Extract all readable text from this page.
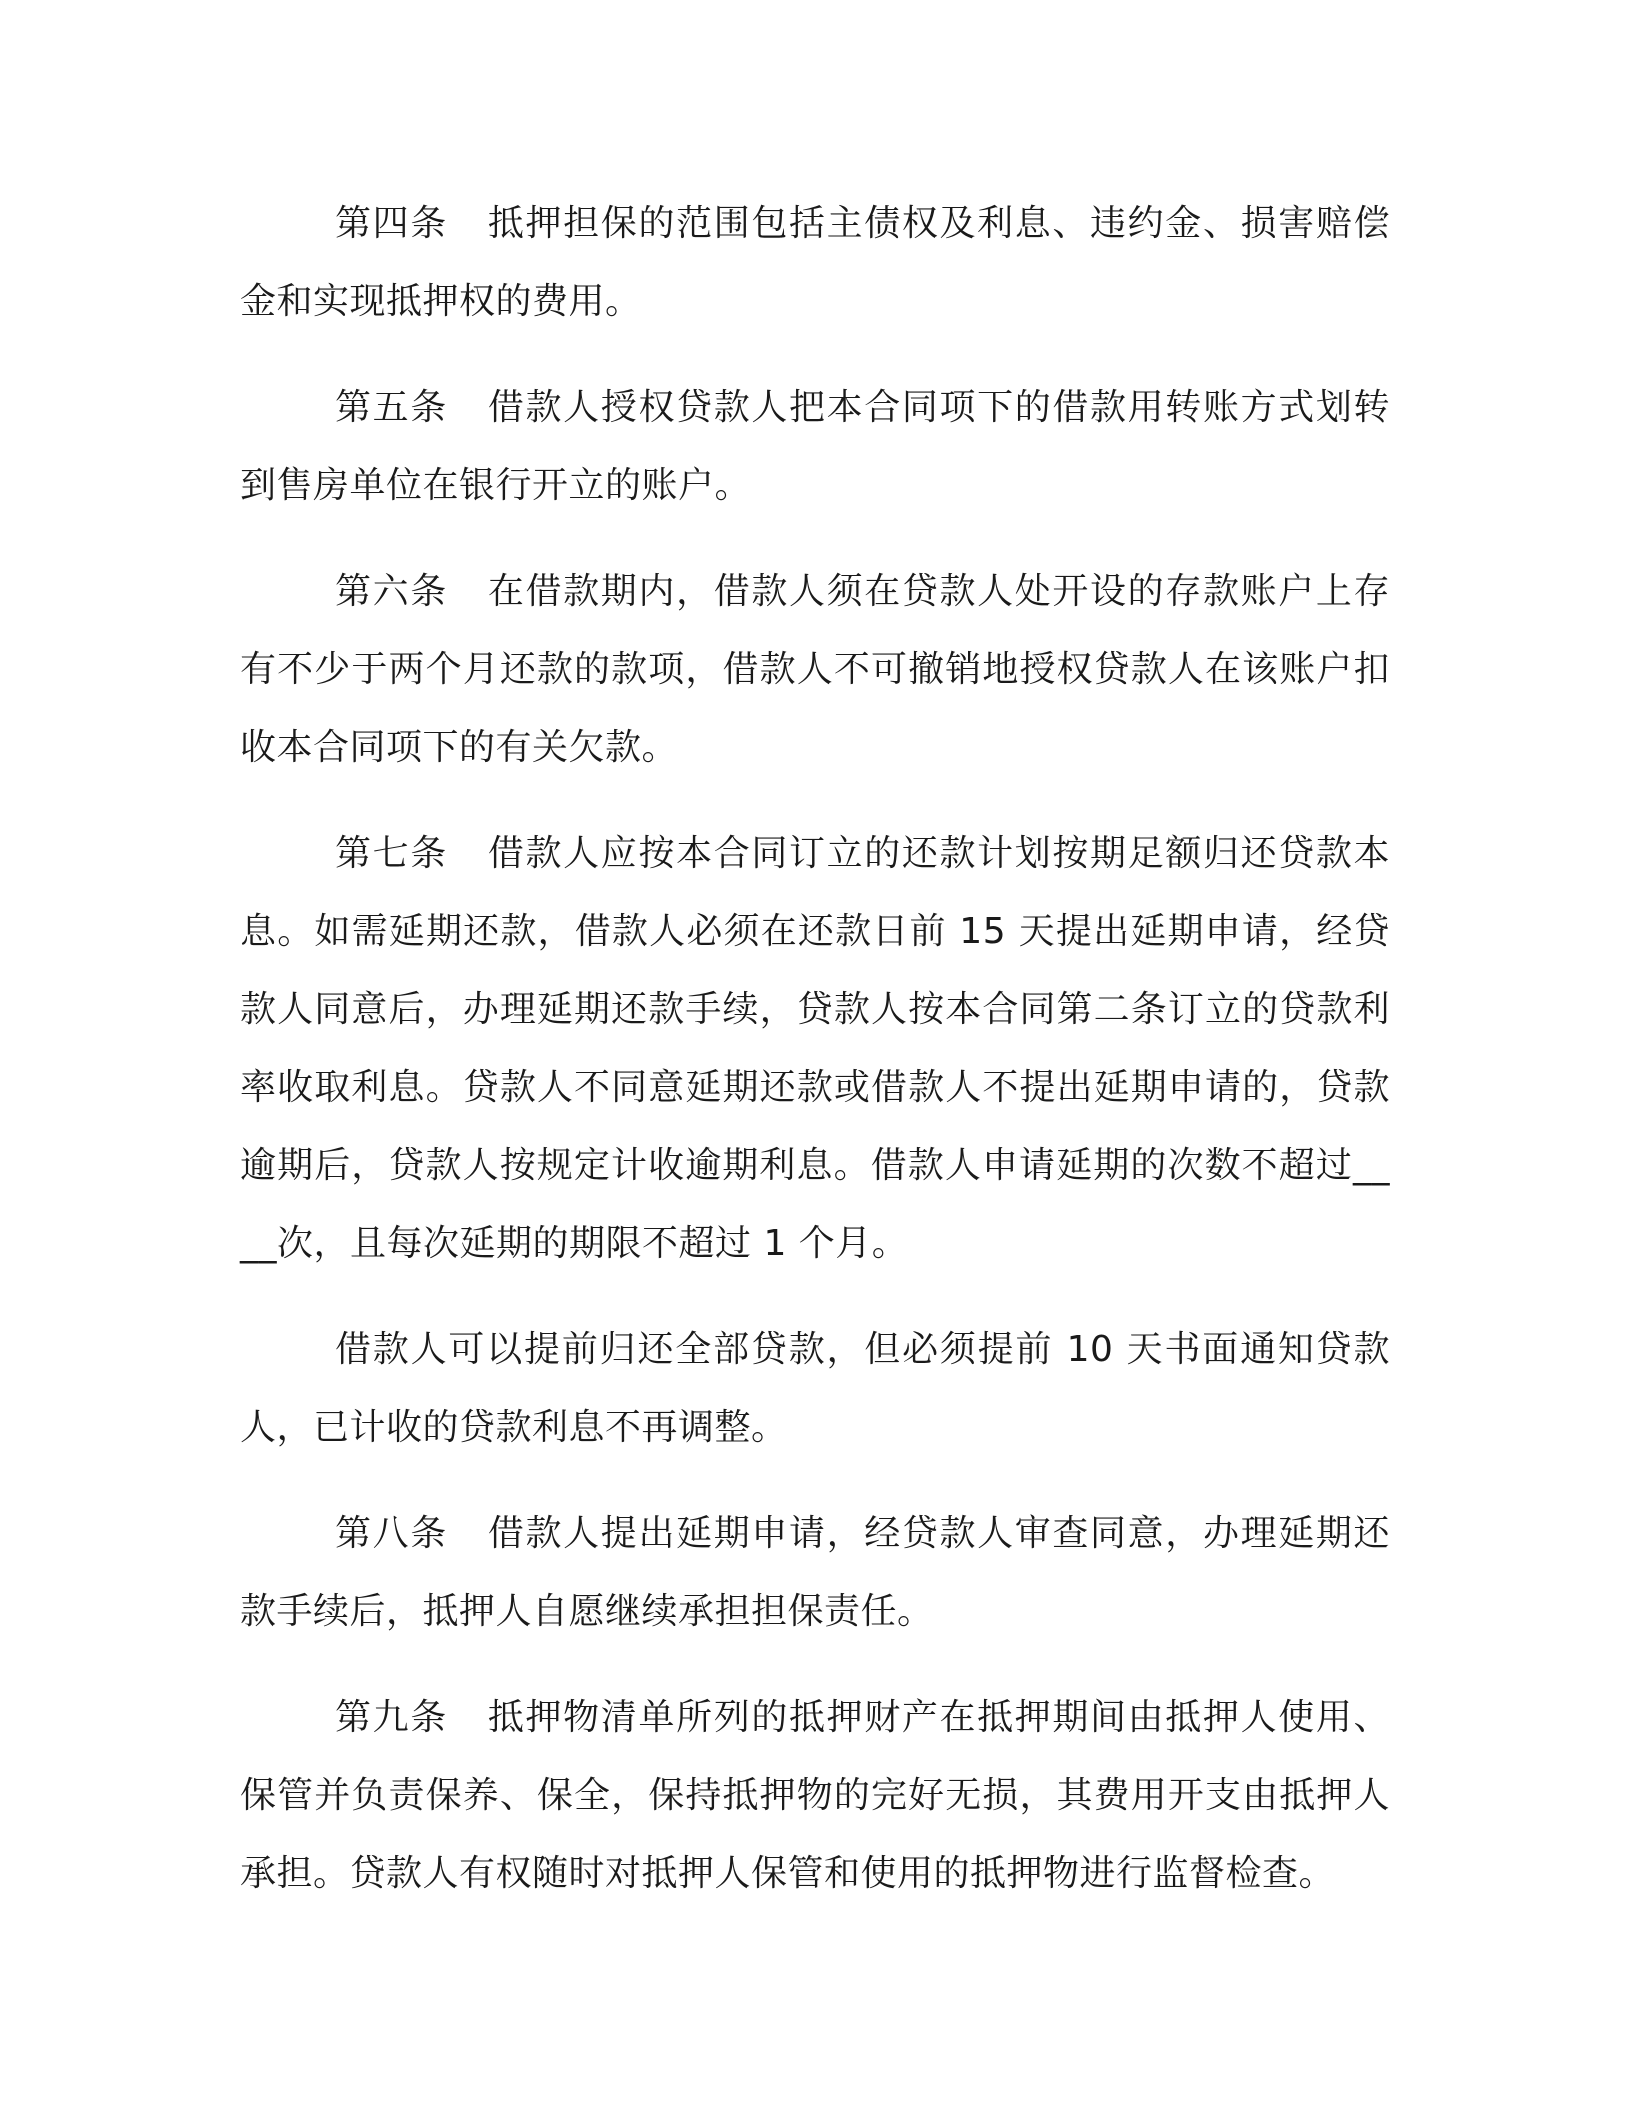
第四条 抵押担保的范围包括主债权及利息、违约金、损害赔偿金和实现抵押权的费用。

第五条 借款人授权贷款人把本合同项下的借款用转账方式划转到售房单位在银行开立的账户。

第六条 在借款期内，借款人须在贷款人处开设的存款账户上存有不少于两个月还款的款项，借款人不可撤销地授权贷款人在该账户扣收本合同项下的有关欠款。

第七条 借款人应按本合同订立的还款计划按期足额归还贷款本息。如需延期还款，借款人必须在还款日前 15 天提出延期申请，经贷款人同意后，办理延期还款手续，贷款人按本合同第二条订立的贷款利率收取利息。贷款人不同意延期还款或借款人不提出延期申请的，贷款逾期后，贷款人按规定计收逾期利息。借款人申请延期的次数不超过____次，且每次延期的期限不超过 1 个月。

借款人可以提前归还全部贷款，但必须提前 10 天书面通知贷款人，已计收的贷款利息不再调整。

第八条 借款人提出延期申请，经贷款人审查同意，办理延期还款手续后，抵押人自愿继续承担担保责任。

第九条 抵押物清单所列的抵押财产在抵押期间由抵押人使用、保管并负责保养、保全，保持抵押物的完好无损，其费用开支由抵押人承担。贷款人有权随时对抵押人保管和使用的抵押物进行监督检查。
